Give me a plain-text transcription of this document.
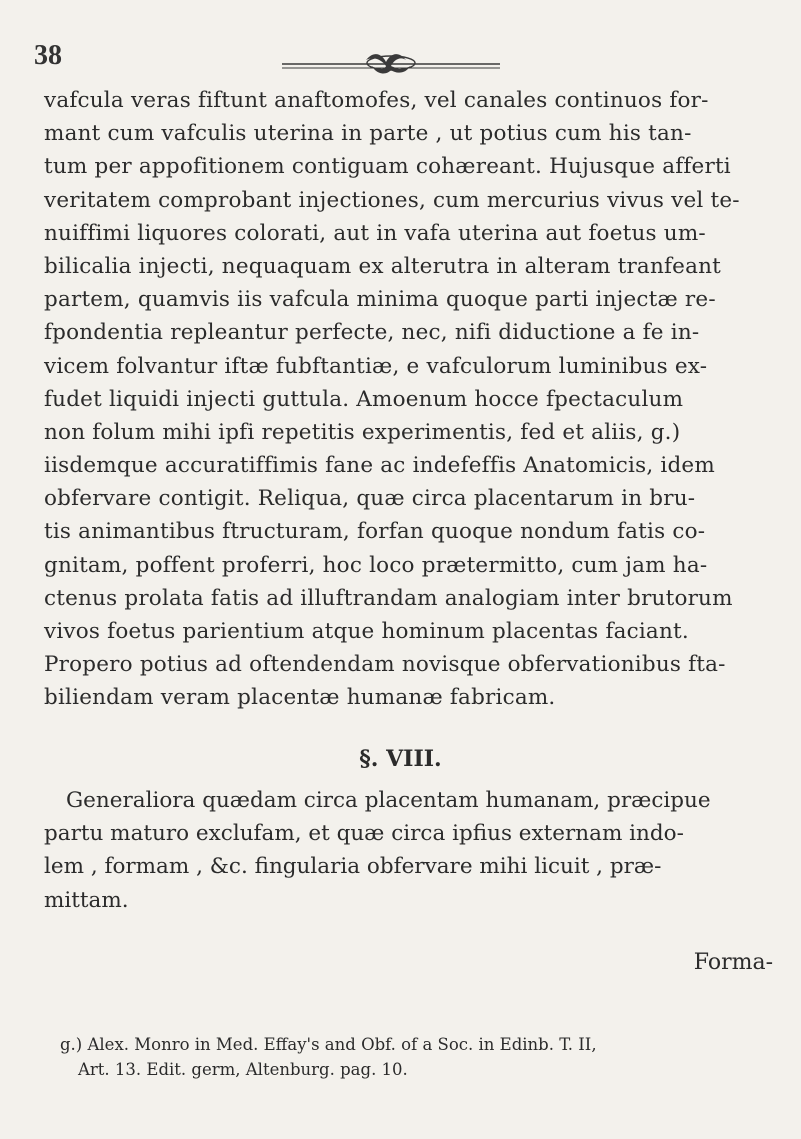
38
vafcula veras fiftunt anaftomofes, vel canales continuos for-
mant cum vafculis uterina in parte , ut potius cum his tan-
tum per appofitionem contiguam cohæreant. Hujusque afferti
veritatem comprobant injectiones, cum mercurius vivus vel te-
nuiffimi liquores colorati, aut in vafa uterina aut foetus um-
bilicalia injecti, nequaquam ex alterutra in alteram tranfeant
partem, quamvis iis vafcula minima quoque parti injectæ re-
fpondentia repleantur perfecte, nec, nifi diductione a fe in-
vicem folvantur iftæ fubftantiæ, e vafculorum luminibus ex-
fudet liquidi injecti guttula. Amoenum hocce fpectaculum
non folum mihi ipfi repetitis experimentis, fed et aliis, g.)
iisdemque accuratiffimis fane ac indefeffis Anatomicis, idem
obfervare contigit. Reliqua, quæ circa placentarum in bru-
tis animantibus ftructuram, forfan quoque nondum fatis co-
gnitam, poffent proferri, hoc loco prætermitto, cum jam ha-
ctenus prolata fatis ad illuftrandam analogiam inter brutorum
vivos foetus parientium atque hominum placentas faciant.
Propero potius ad oftendendam novisque obfervationibus fta-
biliendam veram placentæ humanæ fabricam.
§. VIII.
Generaliora quædam circa placentam humanam, præcipue
partu maturo exclufam, et quæ circa ipfius externam indo-
lem , formam , &c. fingularia obfervare mihi licuit , præ-
mittam.
Forma-
g.) Alex. Monro in Med. Effay's and Obf. of a Soc. in Edinb. T. II,
Art. 13. Edit. germ, Altenburg. pag. 10.
